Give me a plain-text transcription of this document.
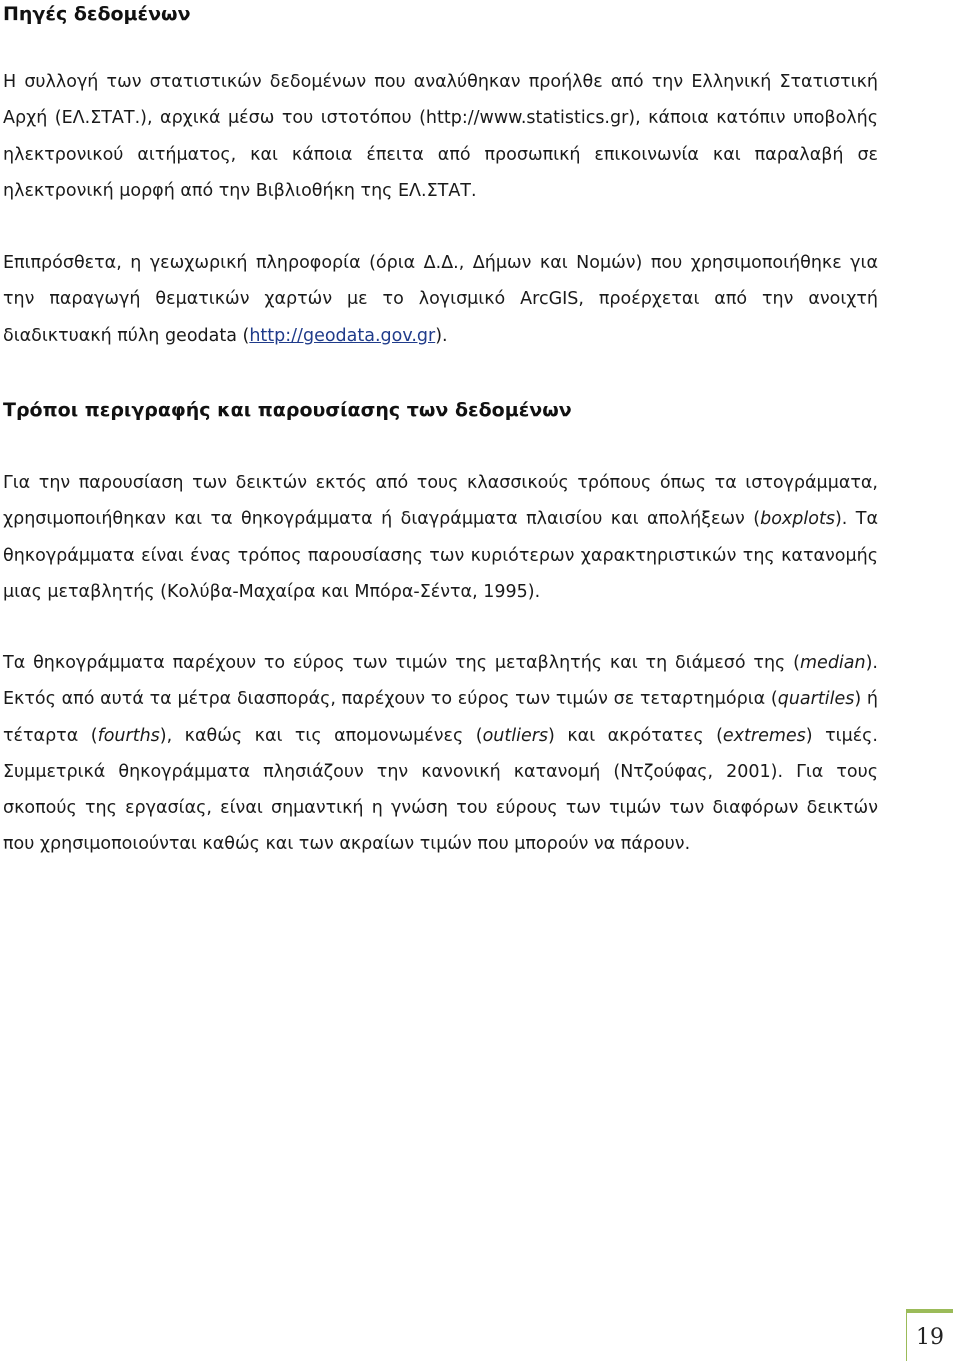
Πηγές δεδομένων

Η συλλογή των στατιστικών δεδομένων που αναλύθηκαν προήλθε από την Ελληνική Στατιστική Αρχή (ΕΛ.ΣΤΑΤ.), αρχικά μέσω του ιστοτόπου (http://www.statistics.gr), κάποια κατόπιν υποβολής ηλεκτρονικού αιτήματος, και κάποια έπειτα από προσωπική επικοινωνία και παραλαβή σε ηλεκτρονική μορφή από την Βιβλιοθήκη της ΕΛ.ΣΤΑΤ.

Επιπρόσθετα, η γεωχωρική πληροφορία (όρια Δ.Δ., Δήμων και Νομών) που χρησιμοποιήθηκε για την παραγωγή θεματικών χαρτών με το λογισμικό ArcGIS, προέρχεται από την ανοιχτή διαδικτυακή πύλη geodata (http://geodata.gov.gr).

Τρόποι περιγραφής και παρουσίασης των δεδομένων

Για την παρουσίαση των δεικτών εκτός από τους κλασσικούς τρόπους όπως τα ιστογράμματα, χρησιμοποιήθηκαν και τα θηκογράμματα ή διαγράμματα πλαισίου και απολήξεων (boxplots). Τα θηκογράμματα είναι ένας τρόπος παρουσίασης των κυριότερων χαρακτηριστικών της κατανομής μιας μεταβλητής (Κολύβα-Μαχαίρα και Μπόρα-Σέντα, 1995).

Τα θηκογράμματα παρέχουν το εύρος των τιμών της μεταβλητής και τη διάμεσό της (median). Εκτός από αυτά τα μέτρα διασποράς, παρέχουν το εύρος των τιμών σε τεταρτημόρια (quartiles) ή τέταρτα (fourths), καθώς και τις απομονωμένες (outliers) και ακρότατες (extremes) τιμές. Συμμετρικά θηκογράμματα πλησιάζουν την κανονική κατανομή (Ντζούφας, 2001). Για τους σκοπούς της εργασίας, είναι σημαντική η γνώση του εύρους των τιμών των διαφόρων δεικτών που χρησιμοποιούνται καθώς και των ακραίων τιμών που μπορούν να πάρουν.

19
